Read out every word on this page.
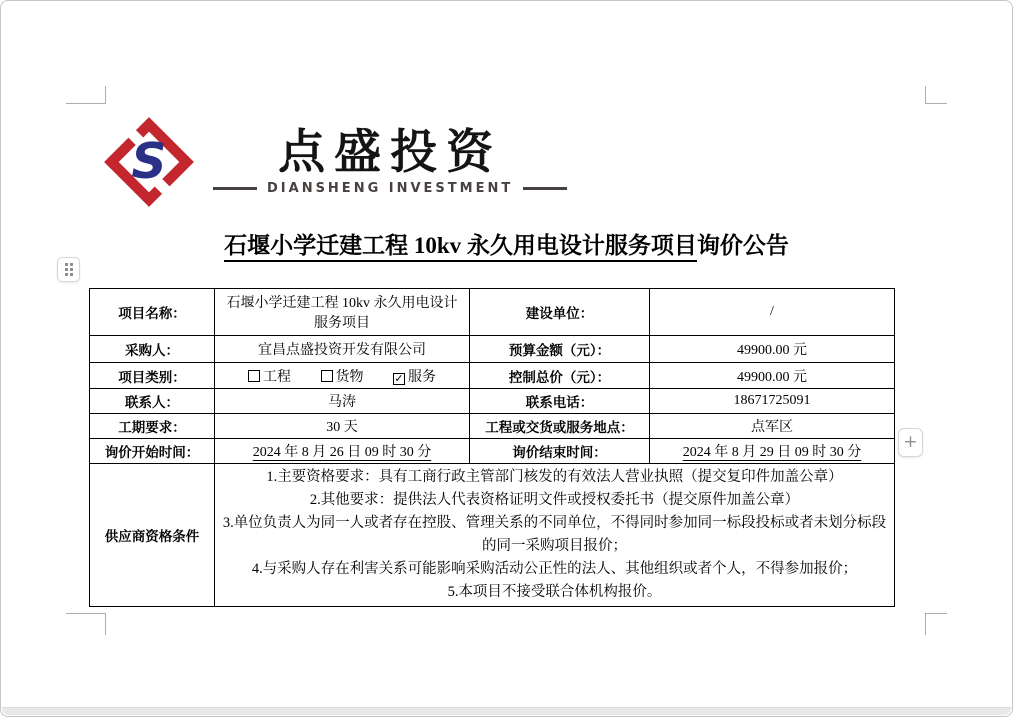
S	点盛投资
DIANSHENG INVESTMENT
石堰小学迁建工程 10kv 永久用电设计服务项目询价公告
+
项目名称：	石堰小学迁建工程 10kv 永久用电设计服务项目	建设单位：	/
采购人：	宜昌点盛投资开发有限公司	预算金额（元）：	49900.00 元
项目类别：	工程 货物 ✓ 服务	控制总价（元）：	49900.00 元
联系人：	马涛	联系电话：	18671725091
工期要求：	30 天	工程或交货或服务地点：	点军区
询价开始时间：	2024 年 8 月 26 日 09 时 30 分	询价结束时间：	2024 年 8 月 29 日 09 时 30 分
供应商资格条件	1.主要资格要求：具有工商行政主管部门核发的有效法人营业执照（提交复印件加盖公章）
2.其他要求：提供法人代表资格证明文件或授权委托书（提交原件加盖公章）
3.单位负责人为同一人或者存在控股、管理关系的不同单位，不得同时参加同一标段投标或者未划分标段的同一采购项目报价；
4.与采购人存在利害关系可能影响采购活动公正性的法人、其他组织或者个人，不得参加报价；
5.本项目不接受联合体机构报价。		
